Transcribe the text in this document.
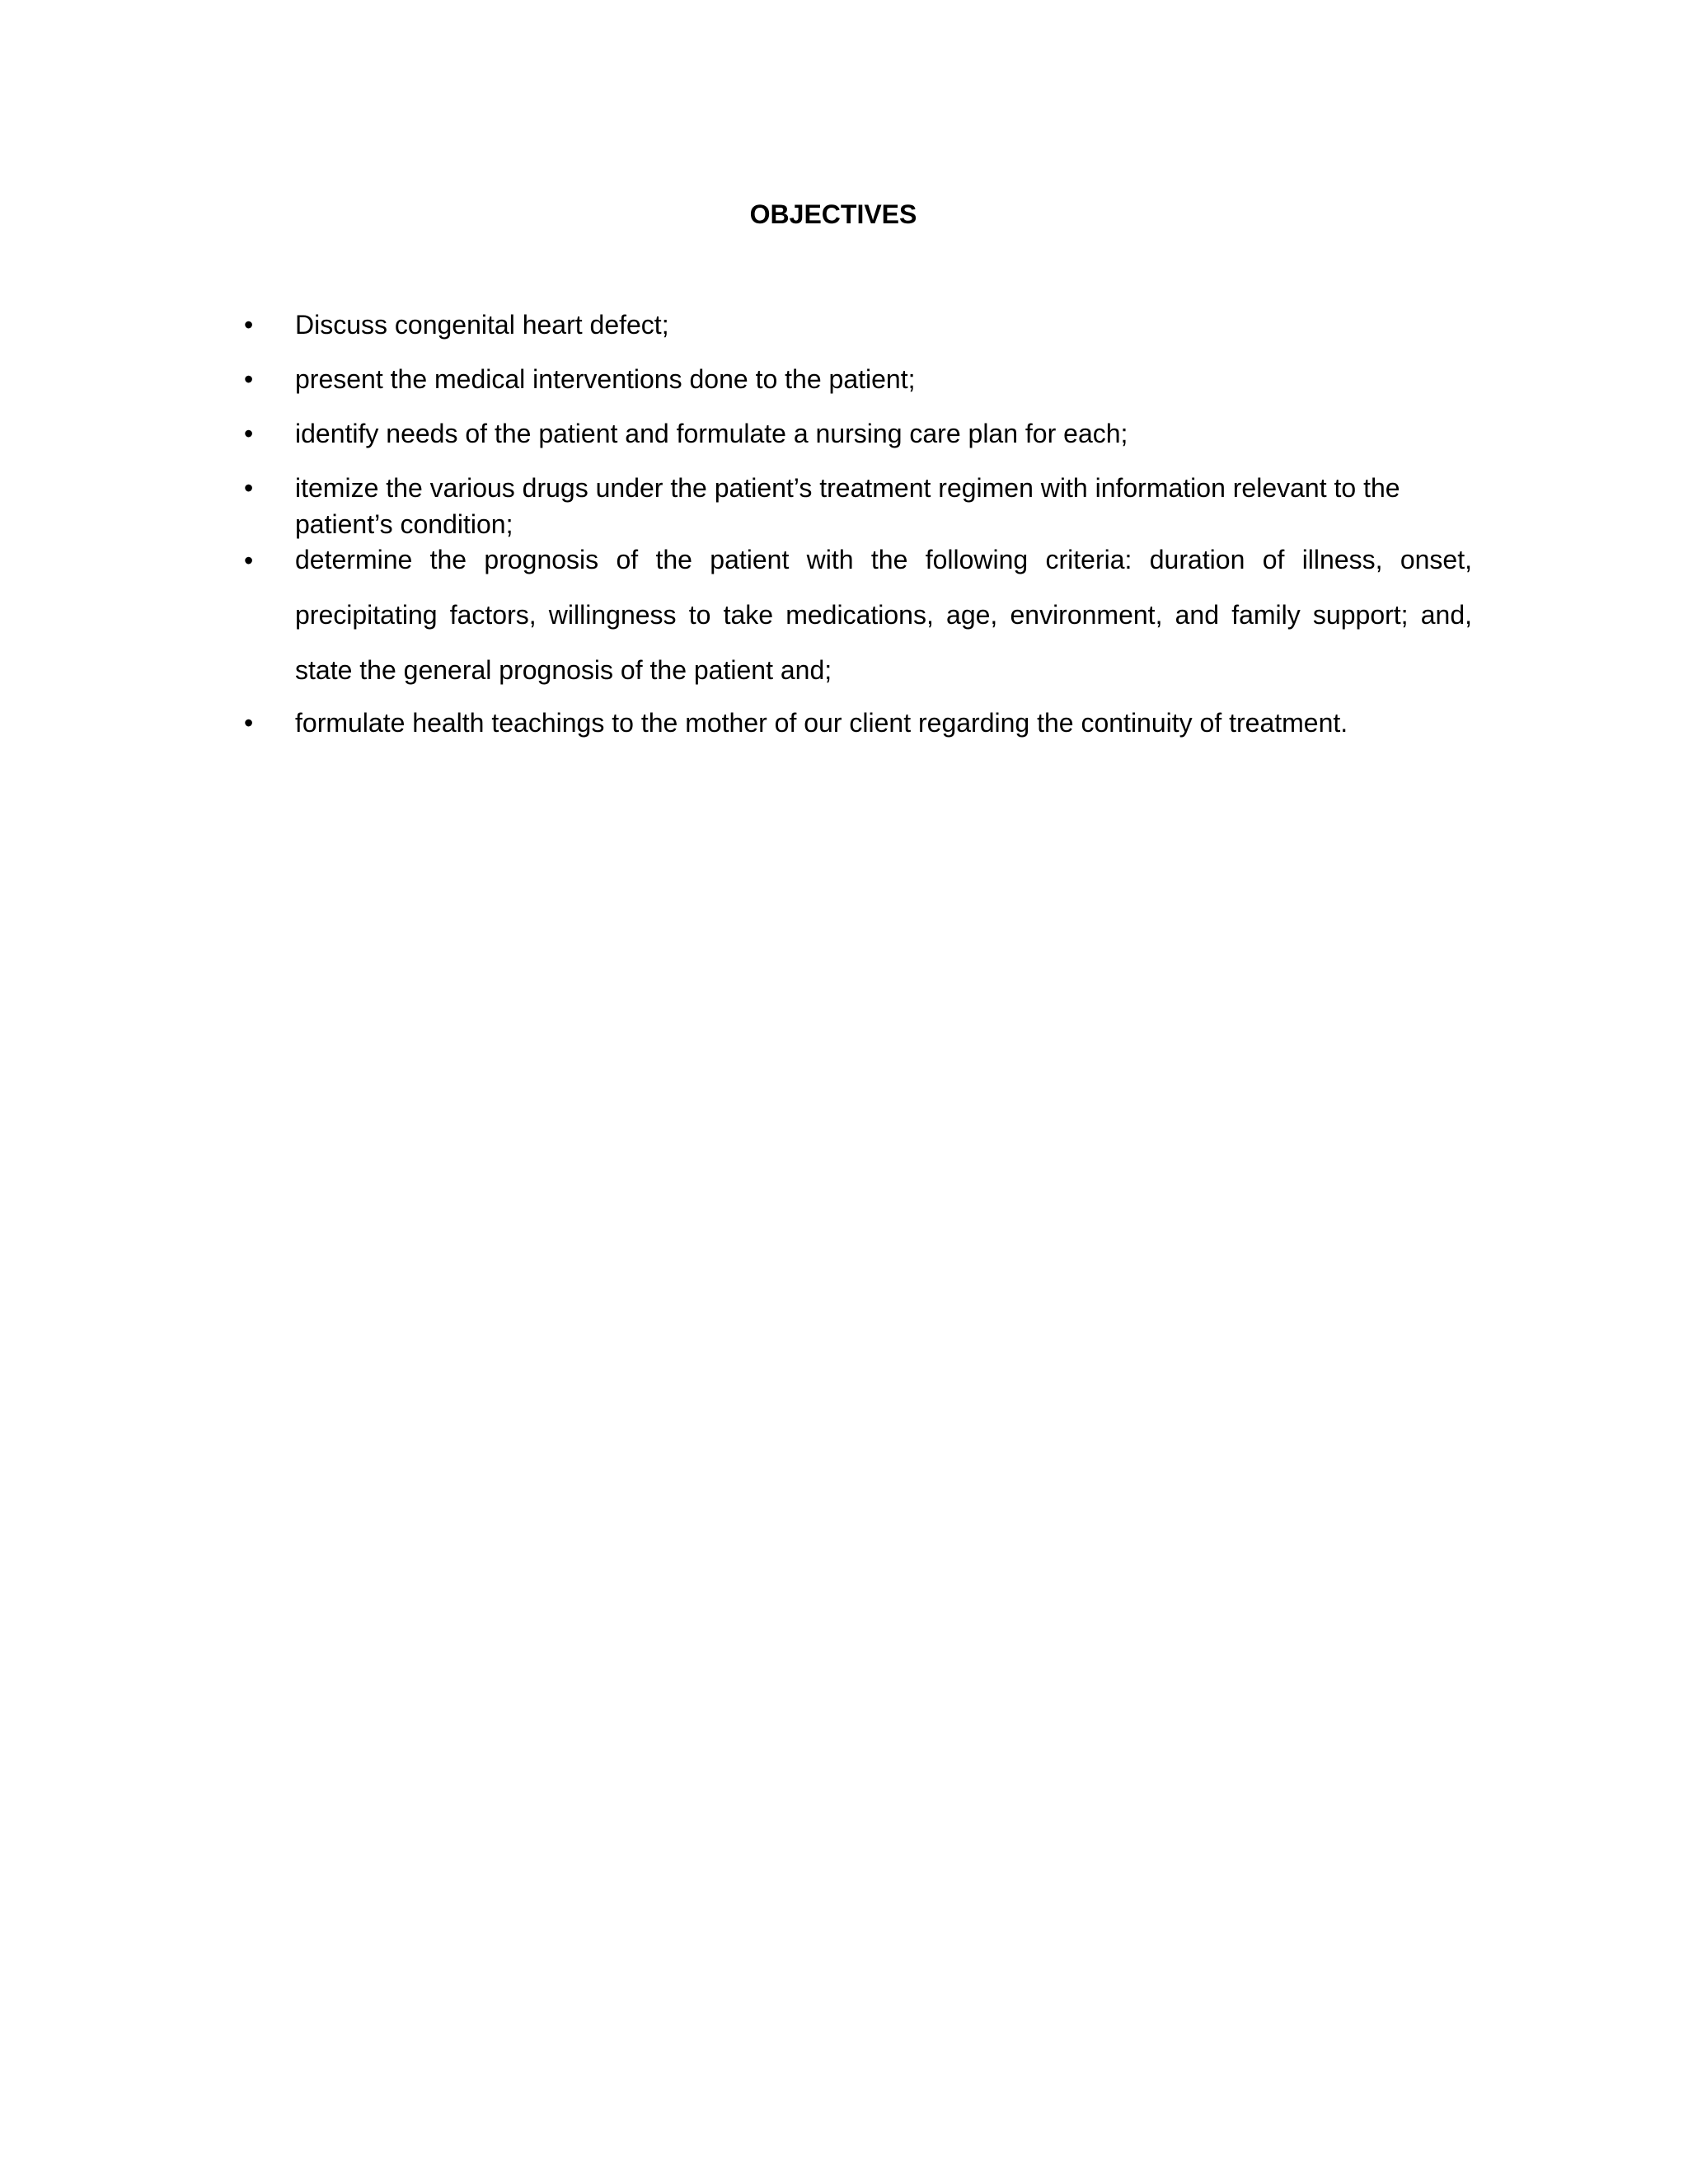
OBJECTIVES
•	Discuss congenital heart defect;
•	present the medical interventions done to the patient;
•	identify needs of the patient and formulate a nursing care plan for each;
•	itemize the various drugs under the patient’s treatment regimen with information relevant to the patient’s condition;
•	determine the prognosis of the patient with the following criteria: duration of illness, onset, precipitating factors, willingness to take medications, age, environment, and family support; and, state the general prognosis of the patient and;
•	formulate health teachings to the mother of our client regarding the continuity of treatment.
